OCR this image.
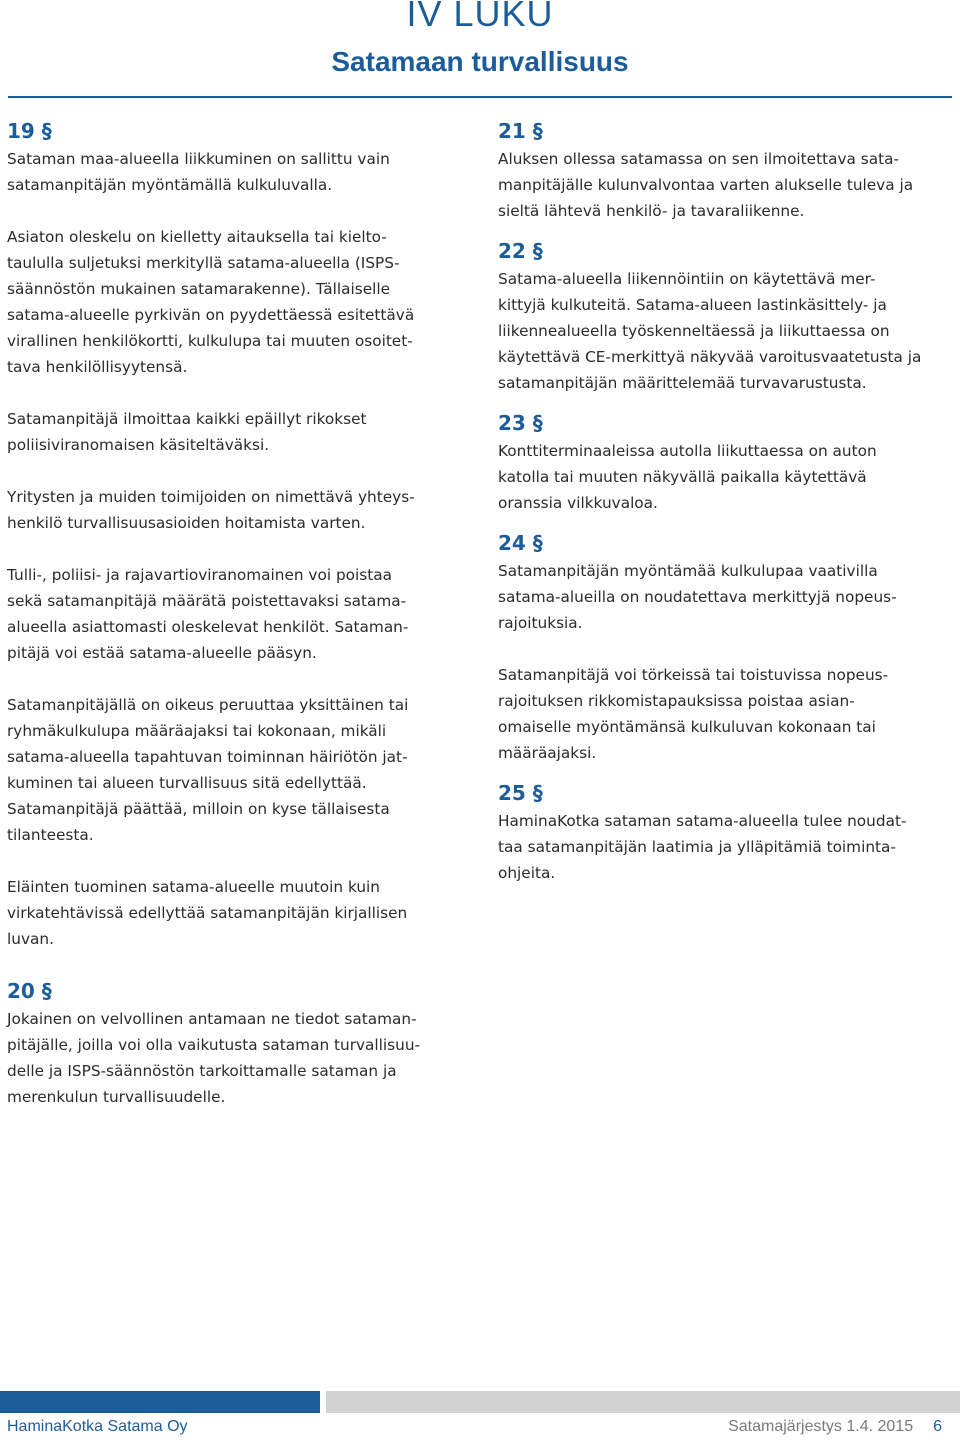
IV LUKU
Satamaan turvallisuus
19 §

Sataman maa-alueella liikkuminen on sallittu vain
satamanpitäjän myöntämällä kulkuluvalla.

Asiaton oleskelu on kielletty aitauksella tai kielto-
taululla suljetuksi merkityllä satama-alueella (ISPS-
säännöstön mukainen satamarakenne). Tällaiselle
satama-alueelle pyrkivän on pyydettäessä esitettävä
virallinen henkilökortti, kulkulupa tai muuten osoitet-
tava henkilöllisyytensä.

Satamanpitäjä ilmoittaa kaikki epäillyt rikokset
poliisiviranomaisen käsiteltäväksi.

Yritysten ja muiden toimijoiden on nimettävä yhteys-
henkilö turvallisuusasioiden hoitamista varten.

Tulli-, poliisi- ja rajavartioviranomainen voi poistaa
sekä satamanpitäjä määrätä poistettavaksi satama-
alueella asiattomasti oleskelevat henkilöt. Sataman-
pitäjä voi estää satama-alueelle pääsyn.

Satamanpitäjällä on oikeus peruuttaa yksittäinen tai
ryhmäkulkulupa määräajaksi tai kokonaan, mikäli
satama-alueella tapahtuvan toiminnan häiriötön jat-
kuminen tai alueen turvallisuus sitä edellyttää.
Satamanpitäjä päättää, milloin on kyse tällaisesta
tilanteesta.

Eläinten tuominen satama-alueelle muutoin kuin
virkatehtävissä edellyttää satamanpitäjän kirjallisen
luvan.

20 §

Jokainen on velvollinen antamaan ne tiedot sataman-
pitäjälle, joilla voi olla vaikutusta sataman turvallisuu-
delle ja ISPS-säännöstön tarkoittamalle sataman ja
merenkulun turvallisuudelle.

21 §

Aluksen ollessa satamassa on sen ilmoitettava sata-
manpitäjälle kulunvalvontaa varten alukselle tuleva ja
sieltä lähtevä henkilö- ja tavaraliikenne.

22 §

Satama-alueella liikennöintiin on käytettävä mer-
kittyjä kulkuteitä. Satama-alueen lastinkäsittely- ja
liikennealueella työskenneltäessä ja liikuttaessa on
käytettävä CE-merkittyä näkyvää varoitusvaatetusta ja
satamanpitäjän määrittelemää turvavarustusta.

23 §

Konttiterminaaleissa autolla liikuttaessa on auton
katolla tai muuten näkyvällä paikalla käytettävä
oranssia vilkkuvaloa.

24 §

Satamanpitäjän myöntämää kulkulupaa vaativilla
satama-alueilla on noudatettava merkittyjä nopeus-
rajoituksia.

Satamanpitäjä voi törkeissä tai toistuvissa nopeus-
rajoituksen rikkomistapauksissa poistaa asian-
omaiselle myöntämänsä kulkuluvan kokonaan tai
määräajaksi.

25 §

HaminaKotka sataman satama-alueella tulee noudat-
taa satamanpitäjän laatimia ja ylläpitämiä toiminta-
ohjeita.

HaminaKotka Satama Oy	Satamajärjestys 1.4. 2015 6
